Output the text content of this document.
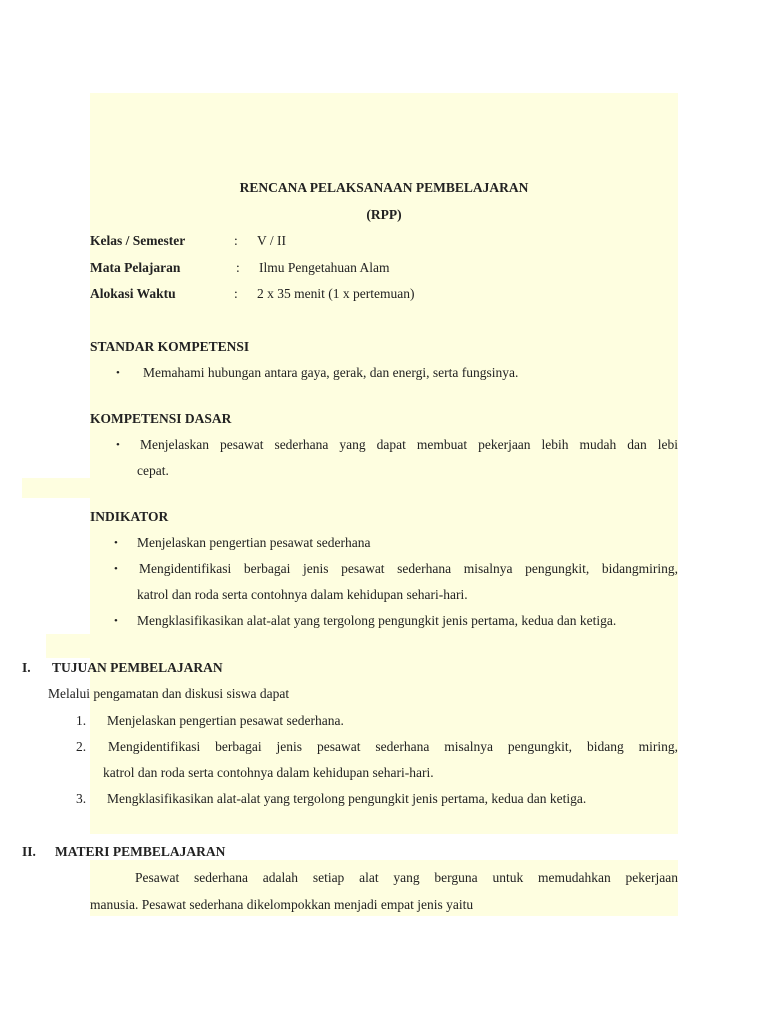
RENCANA PELAKSANAAN PEMBELAJARAN
(RPP)
Kelas / Semester	: V / II
Mata Pelajaran	: Ilmu Pengetahuan Alam
Alokasi Waktu	: 2 x 35 menit (1 x pertemuan)
STANDAR KOMPETENSI
• Memahami hubungan antara gaya, gerak, dan energi, serta fungsinya.
KOMPETENSI DASAR
• Menjelaskan pesawat sederhana yang dapat membuat pekerjaan lebih mudah dan lebi
cepat.
INDIKATOR
• Menjelaskan pengertian pesawat sederhana
• Mengidentifikasi berbagai jenis pesawat sederhana misalnya pengungkit, bidangmiring,
katrol dan roda serta contohnya dalam kehidupan sehari-hari.
• Mengklasifikasikan alat-alat yang tergolong pengungkit jenis pertama, kedua dan ketiga.
I. TUJUAN PEMBELAJARAN
Melalui pengamatan dan diskusi siswa dapat
1. Menjelaskan pengertian pesawat sederhana.
2. Mengidentifikasi berbagai jenis pesawat sederhana misalnya pengungkit, bidang miring,
katrol dan roda serta contohnya dalam kehidupan sehari-hari.
3. Mengklasifikasikan alat-alat yang tergolong pengungkit jenis pertama, kedua dan ketiga.
II. MATERI PEMBELAJARAN
Pesawat sederhana adalah setiap alat yang berguna untuk memudahkan pekerjaan
manusia. Pesawat sederhana dikelompokkan menjadi empat jenis yaitu
